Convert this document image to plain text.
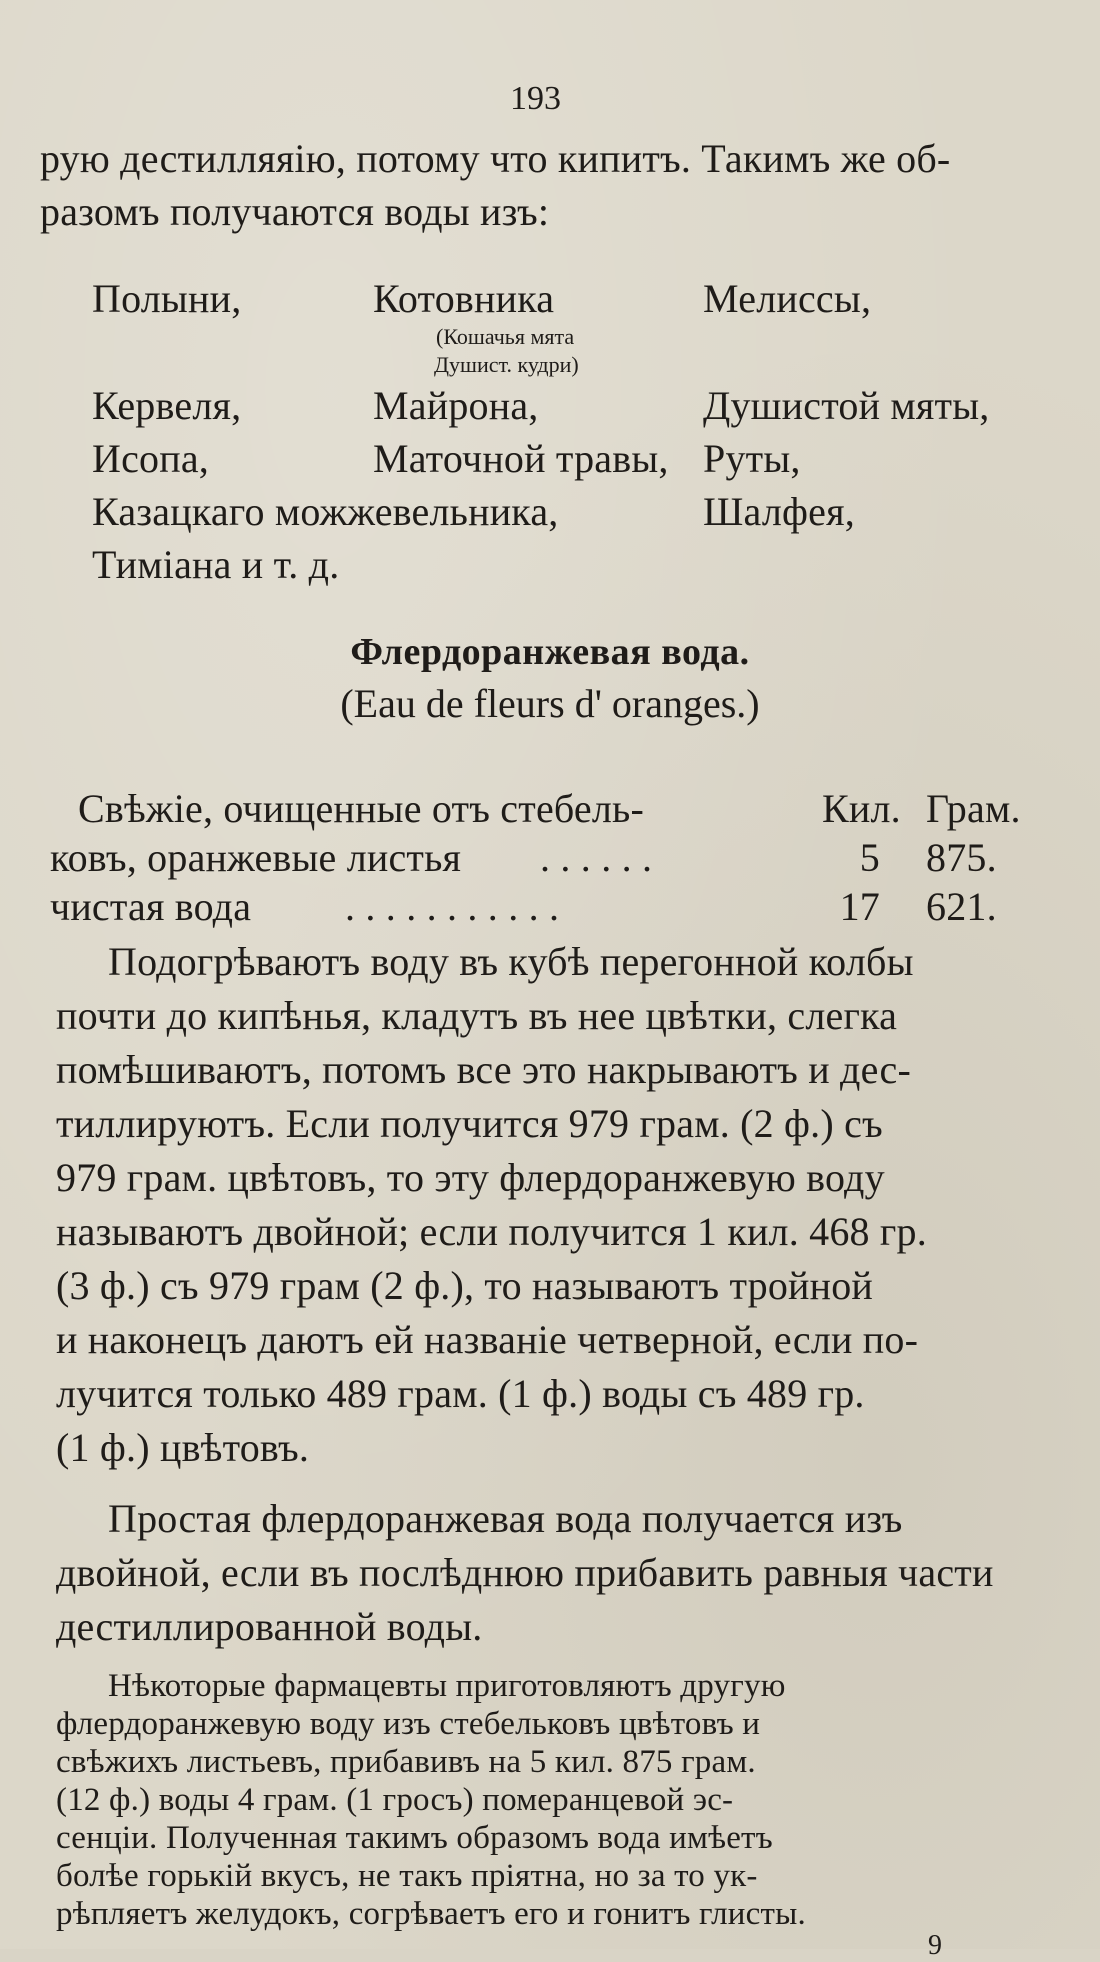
193
рую дестилляяію, потому что кипитъ. Такимъ же об-
разомъ получаются воды изъ:
Полыни,	Котовника	Мелиссы,
(Кошачья мята
Душист. кудри)
Кервеля,	Майрона,	Душистой мяты,
Исопа,	Маточной травы, Руты,
Казацкаго можжевельника,	Шалфея,
Тиміана и т. д.
Флердоранжевая вода.
(Eau de fleurs d' oranges.)
Свѣжіе, очищенные отъ стебель-	Кил. Грам.
ковъ, оранжевые листья . . . . . .	5 875.
чистая вода . . . . . . . . . . .	17 621.
Подогрѣваютъ воду въ кубѣ перегонной колбы
почти до кипѣнья, кладутъ въ нее цвѣтки, слегка
помѣшиваютъ, потомъ все это накрываютъ и дес-
тиллируютъ. Если получится 979 грам. (2 ф.) съ
979 грам. цвѣтовъ, то эту флердоранжевую воду
называютъ двойной; если получится 1 кил. 468 гр.
(3 ф.) съ 979 грам (2 ф.), то называютъ тройной
и наконецъ даютъ ей названіе четверной, если по-
лучится только 489 грам. (1 ф.) воды съ 489 гр.
(1 ф.) цвѣтовъ.
Простая флердоранжевая вода получается изъ
двойной, если въ послѣднюю прибавить равныя части
дестиллированной воды.
Нѣкоторые фармацевты приготовляютъ другую
флердоранжевую воду изъ стебельковъ цвѣтовъ и
свѣжихъ листьевъ, прибавивъ на 5 кил. 875 грам.
(12 ф.) воды 4 грам. (1 гросъ) померанцевой эс-
сенціи. Полученная такимъ образомъ вода имѣетъ
болѣе горькій вкусъ, не такъ пріятна, но за то ук-
рѣпляетъ желудокъ, согрѣваетъ его и гонитъ глисты.
9
